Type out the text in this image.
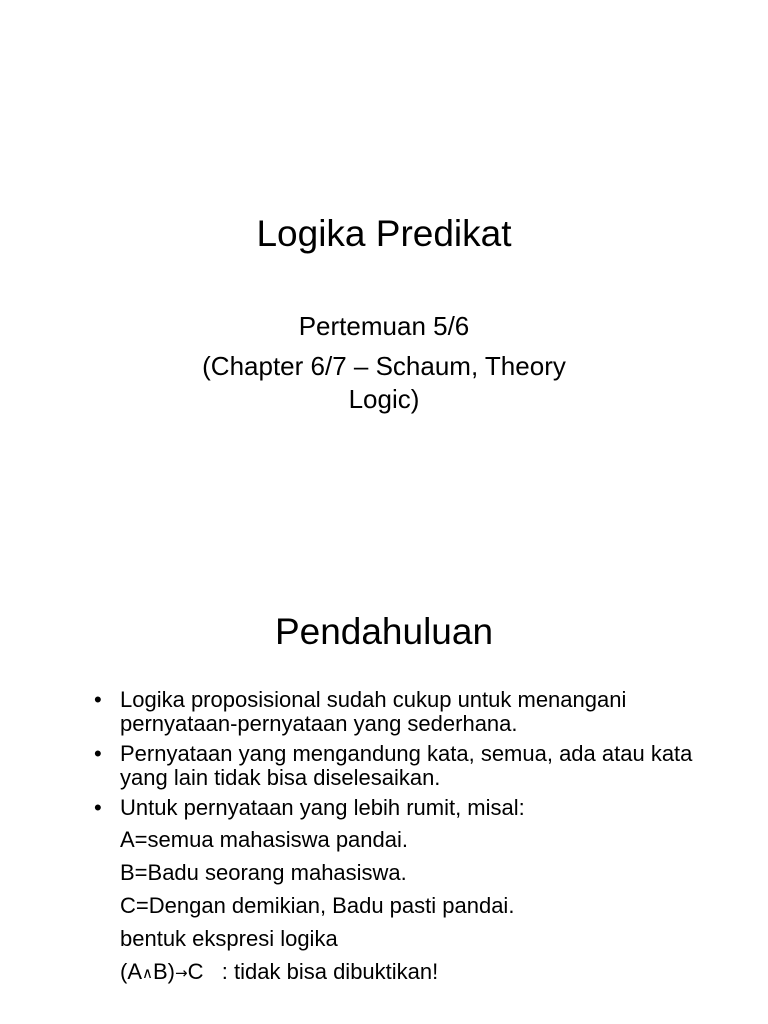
Logika Predikat

Pertemuan 5/6

(Chapter 6/7 – Schaum, Theory

Logic)

Pendahuluan
• Logika proposisional sudah cukup untuk menangani pernyataan-pernyataan yang sederhana.
• Pernyataan yang mengandung kata, semua, ada atau kata yang lain tidak bisa diselesaikan.
• Untuk pernyataan yang lebih rumit, misal:
A=semua mahasiswa pandai.
B=Badu seorang mahasiswa.
C=Dengan demikian, Badu pasti pandai.
bentuk ekspresi logika
(A∧B)→C   : tidak bisa dibuktikan!
